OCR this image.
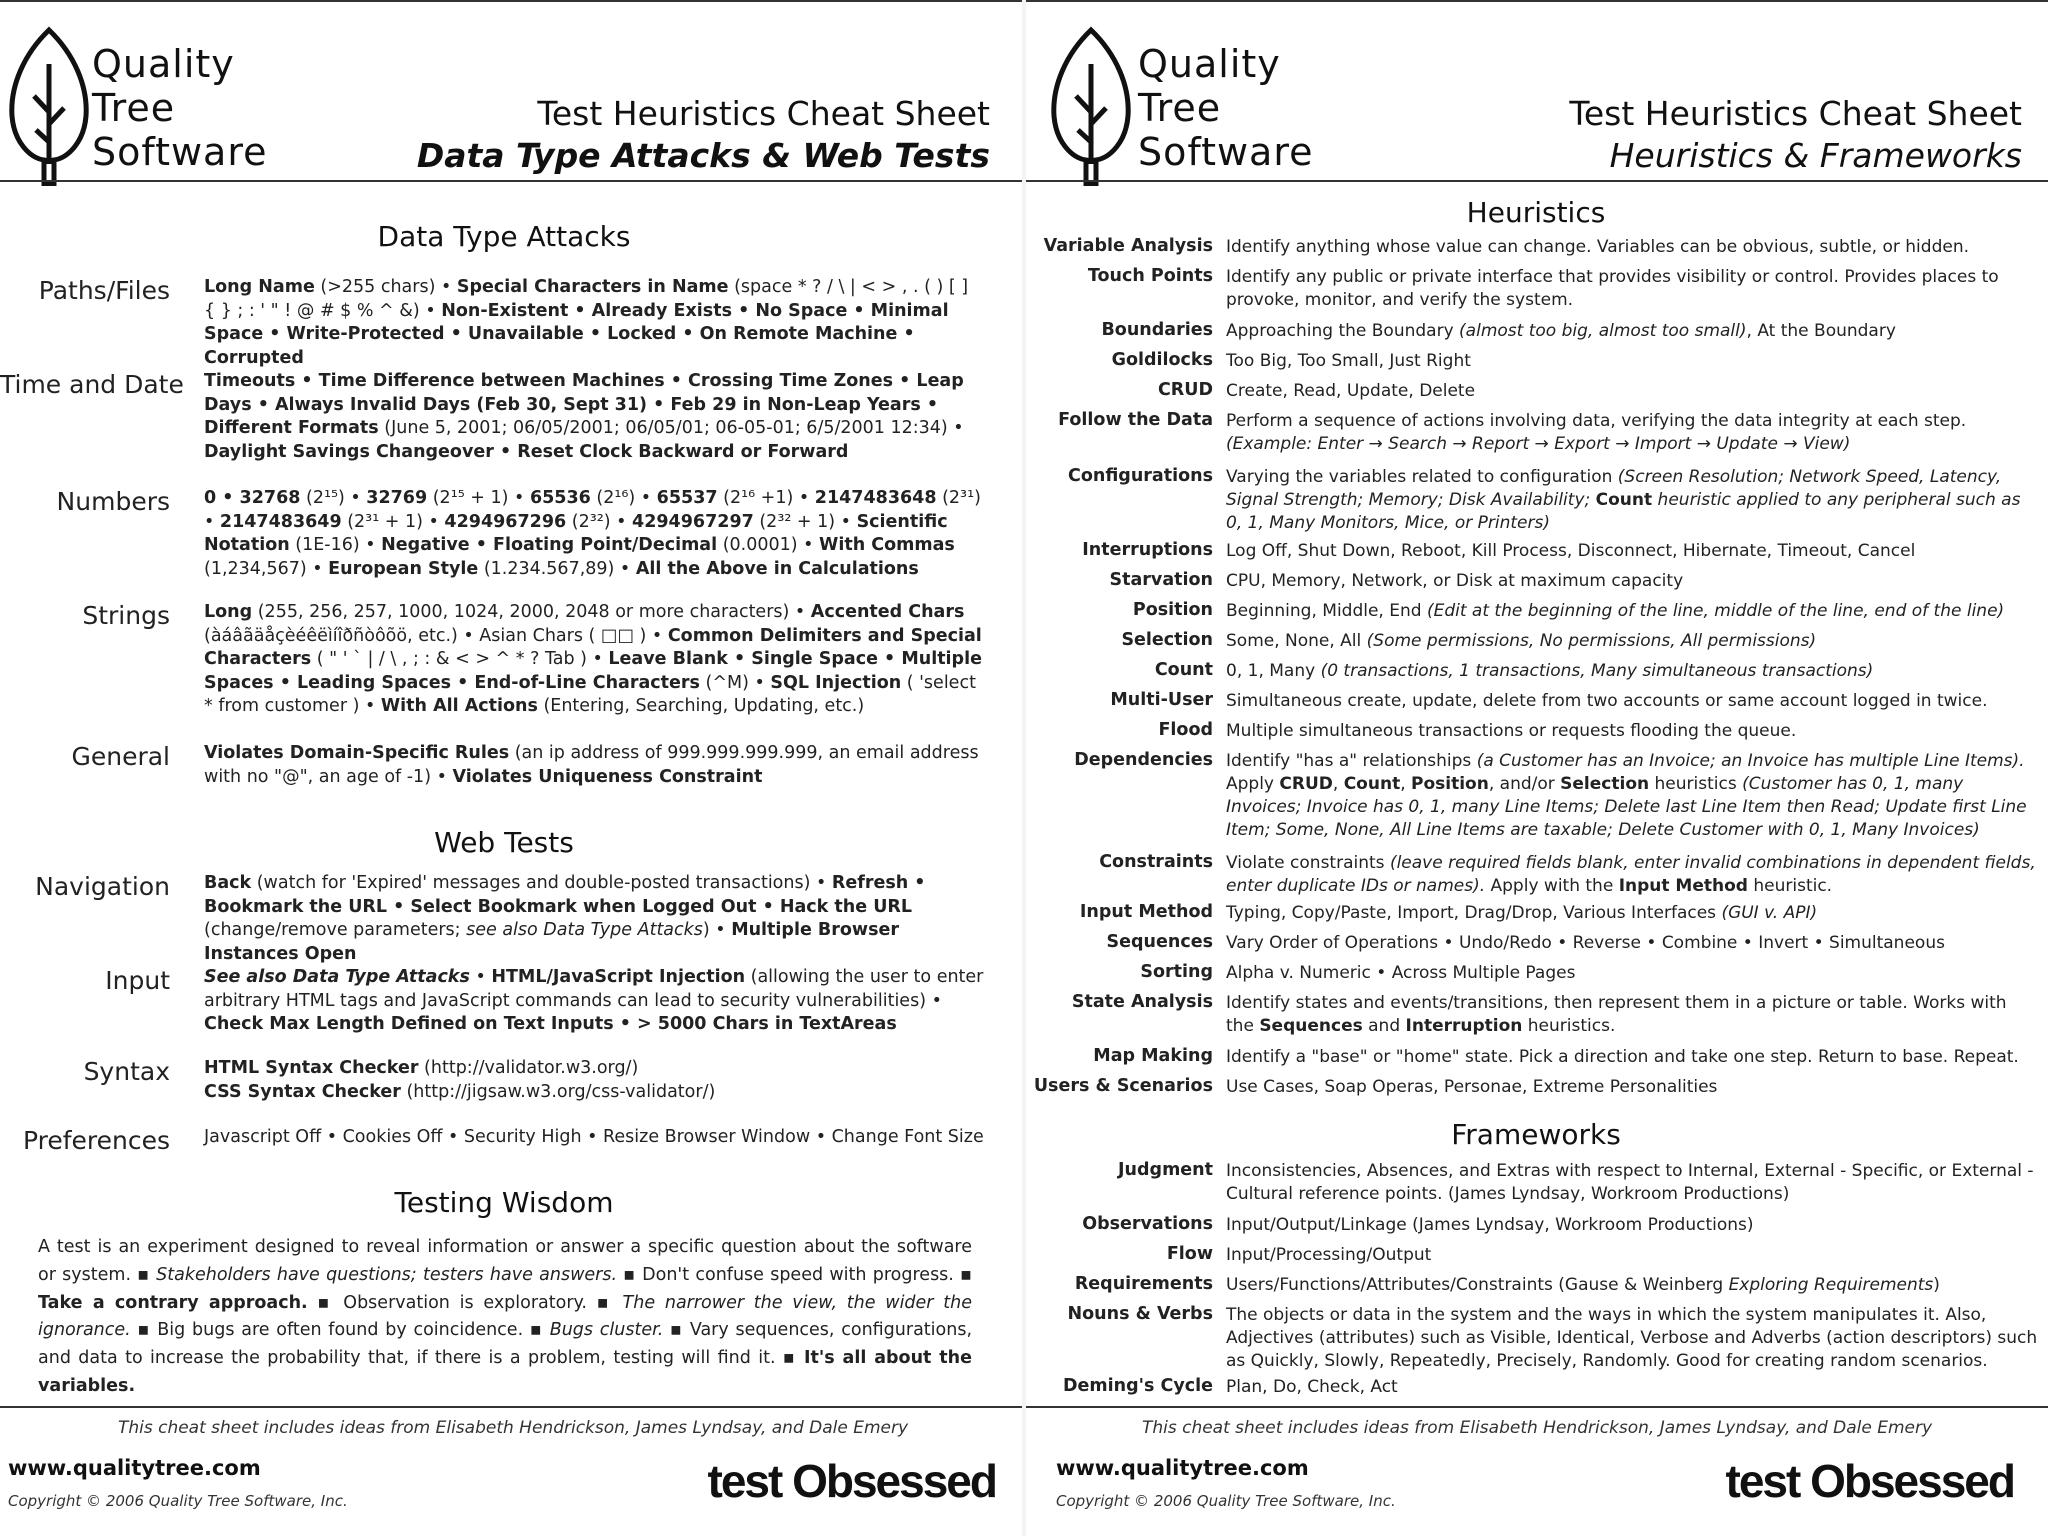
Quality
Tree
Software
Test Heuristics Cheat Sheet
Data Type Attacks & Web Tests
Data Type Attacks
Paths/Files Long Name (>255 chars) • Special Characters in Name (space * ? / \ | < > , . ( ) [ ] { } ; : ' " ! @ # $ % ^ &) • Non-Existent • Already Exists • No Space • Minimal Space • Write-Protected • Unavailable • Locked • On Remote Machine • Corrupted
Time and Date Timeouts • Time Difference between Machines • Crossing Time Zones • Leap Days • Always Invalid Days (Feb 30, Sept 31) • Feb 29 in Non-Leap Years • Different Formats (June 5, 2001; 06/05/2001; 06/05/01; 06-05-01; 6/5/2001 12:34) • Daylight Savings Changeover • Reset Clock Backward or Forward
Numbers 0 • 32768 (2¹⁵) • 32769 (2¹⁵ + 1) • 65536 (2¹⁶) • 65537 (2¹⁶ +1) • 2147483648 (2³¹) • 2147483649 (2³¹ + 1) • 4294967296 (2³²) • 4294967297 (2³² + 1) • Scientific Notation (1E-16) • Negative • Floating Point/Decimal (0.0001) • With Commas (1,234,567) • European Style (1.234.567,89) • All the Above in Calculations
Strings Long (255, 256, 257, 1000, 1024, 2000, 2048 or more characters) • Accented Chars (àáâãäåçèéêëìíîðñòôõö, etc.) • Asian Chars ( □□ ) • Common Delimiters and Special Characters ( " ' ` | / \ , ; : & < > ^ * ? Tab ) • Leave Blank • Single Space • Multiple Spaces • Leading Spaces • End-of-Line Characters (^M) • SQL Injection ( 'select * from customer ) • With All Actions (Entering, Searching, Updating, etc.)
General Violates Domain-Specific Rules (an ip address of 999.999.999.999, an email address with no "@", an age of -1) • Violates Uniqueness Constraint
Web Tests
Navigation Back (watch for 'Expired' messages and double-posted transactions) • Refresh • Bookmark the URL • Select Bookmark when Logged Out • Hack the URL (change/remove parameters; see also Data Type Attacks) • Multiple Browser Instances Open
Input See also Data Type Attacks • HTML/JavaScript Injection (allowing the user to enter arbitrary HTML tags and JavaScript commands can lead to security vulnerabilities) • Check Max Length Defined on Text Inputs • > 5000 Chars in TextAreas
Syntax HTML Syntax Checker (http://validator.w3.org/)
CSS Syntax Checker (http://jigsaw.w3.org/css-validator/)
Preferences Javascript Off • Cookies Off • Security High • Resize Browser Window • Change Font Size
Testing Wisdom
A test is an experiment designed to reveal information or answer a specific question about the software or system. ▪ Stakeholders have questions; testers have answers. ▪ Don't confuse speed with progress. ▪ Take a contrary approach. ▪ Observation is exploratory. ▪ The narrower the view, the wider the ignorance. ▪ Big bugs are often found by coincidence. ▪ Bugs cluster. ▪ Vary sequences, configurations, and data to increase the probability that, if there is a problem, testing will find it. ▪ It's all about the variables.
This cheat sheet includes ideas from Elisabeth Hendrickson, James Lyndsay, and Dale Emery
www.qualitytree.com
Copyright © 2006 Quality Tree Software, Inc.	test Obsessed
Quality
Tree
Software
Test Heuristics Cheat Sheet
Heuristics & Frameworks
Heuristics
Variable Analysis Identify anything whose value can change. Variables can be obvious, subtle, or hidden.
Touch Points Identify any public or private interface that provides visibility or control. Provides places to provoke, monitor, and verify the system.
Boundaries Approaching the Boundary (almost too big, almost too small), At the Boundary
Goldilocks Too Big, Too Small, Just Right
CRUD Create, Read, Update, Delete
Follow the Data Perform a sequence of actions involving data, verifying the data integrity at each step. (Example: Enter → Search → Report → Export → Import → Update → View)
Configurations Varying the variables related to configuration (Screen Resolution; Network Speed, Latency, Signal Strength; Memory; Disk Availability; Count heuristic applied to any peripheral such as 0, 1, Many Monitors, Mice, or Printers)
Interruptions Log Off, Shut Down, Reboot, Kill Process, Disconnect, Hibernate, Timeout, Cancel
Starvation CPU, Memory, Network, or Disk at maximum capacity
Position Beginning, Middle, End (Edit at the beginning of the line, middle of the line, end of the line)
Selection Some, None, All (Some permissions, No permissions, All permissions)
Count 0, 1, Many (0 transactions, 1 transactions, Many simultaneous transactions)
Multi-User Simultaneous create, update, delete from two accounts or same account logged in twice.
Flood Multiple simultaneous transactions or requests flooding the queue.
Dependencies Identify "has a" relationships (a Customer has an Invoice; an Invoice has multiple Line Items). Apply CRUD, Count, Position, and/or Selection heuristics (Customer has 0, 1, many Invoices; Invoice has 0, 1, many Line Items; Delete last Line Item then Read; Update first Line Item; Some, None, All Line Items are taxable; Delete Customer with 0, 1, Many Invoices)
Constraints Violate constraints (leave required fields blank, enter invalid combinations in dependent fields, enter duplicate IDs or names). Apply with the Input Method heuristic.
Input Method Typing, Copy/Paste, Import, Drag/Drop, Various Interfaces (GUI v. API)
Sequences Vary Order of Operations • Undo/Redo • Reverse • Combine • Invert • Simultaneous
Sorting Alpha v. Numeric • Across Multiple Pages
State Analysis Identify states and events/transitions, then represent them in a picture or table. Works with the Sequences and Interruption heuristics.
Map Making Identify a "base" or "home" state. Pick a direction and take one step. Return to base. Repeat.
Users & Scenarios Use Cases, Soap Operas, Personae, Extreme Personalities
Frameworks
Judgment Inconsistencies, Absences, and Extras with respect to Internal, External - Specific, or External - Cultural reference points. (James Lyndsay, Workroom Productions)
Observations Input/Output/Linkage (James Lyndsay, Workroom Productions)
Flow Input/Processing/Output
Requirements Users/Functions/Attributes/Constraints (Gause & Weinberg Exploring Requirements)
Nouns & Verbs The objects or data in the system and the ways in which the system manipulates it. Also, Adjectives (attributes) such as Visible, Identical, Verbose and Adverbs (action descriptors) such as Quickly, Slowly, Repeatedly, Precisely, Randomly. Good for creating random scenarios.
Deming's Cycle Plan, Do, Check, Act
This cheat sheet includes ideas from Elisabeth Hendrickson, James Lyndsay, and Dale Emery
www.qualitytree.com
Copyright © 2006 Quality Tree Software, Inc.	test Obsessed
